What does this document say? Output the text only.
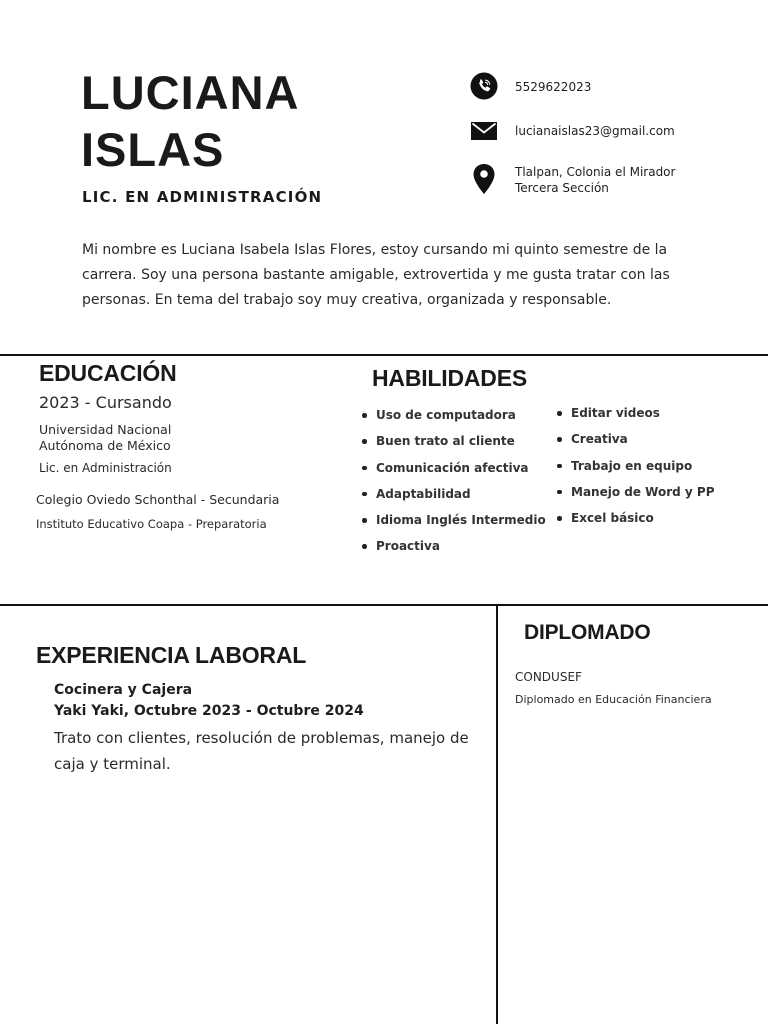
LUCIANA
ISLAS
LIC. EN ADMINISTRACIÓN
5529622023
lucianaislas23@gmail.com
Tlalpan, Colonia el Mirador
Tercera Sección

Mi nombre es Luciana Isabela Islas Flores, estoy cursando mi quinto semestre de la carrera. Soy una persona bastante amigable, extrovertida y me gusta tratar con las personas. En tema del trabajo soy muy creativa, organizada y responsable.

EDUCACIÓN
2023 - Cursando
Universidad Nacional
Autónoma de México
Lic. en Administración
Colegio Oviedo Schonthal - Secundaria
Instituto Educativo Coapa - Preparatoria
HABILIDADES
Uso de computadora
Buen trato al cliente
Comunicación afectiva
Adaptabilidad
Idioma Inglés Intermedio
Proactiva
Editar videos
Creativa
Trabajo en equipo
Manejo de Word y PP
Excel básico
EXPERIENCIA LABORAL
Cocinera y Cajera
Yaki Yaki, Octubre 2023 - Octubre 2024

Trato con clientes, resolución de problemas, manejo de caja y terminal.

DIPLOMADO
CONDUSEF
Diplomado en Educación Financiera
